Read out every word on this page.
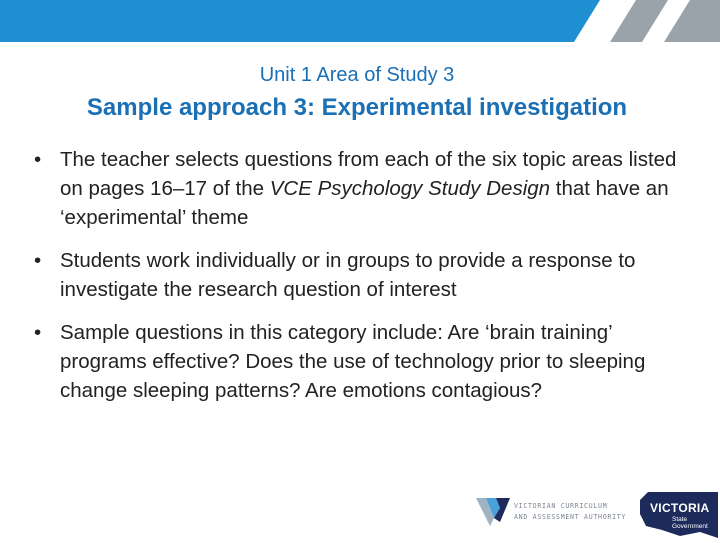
Unit 1 Area of Study 3
Sample approach 3: Experimental investigation
• The teacher selects questions from each of the six topic areas listed on pages 16–17 of the VCE Psychology Study Design that have an ‘experimental’ theme
• Students work individually or in groups to provide a response to investigate the research question of interest
• Sample questions in this category include: Are ‘brain training’ programs effective? Does the use of technology prior to sleeping change sleeping patterns? Are emotions contagious?
VICTORIAN CURRICULUM
AND ASSESSMENT AUTHORITY
VICTORIA
State
Government
